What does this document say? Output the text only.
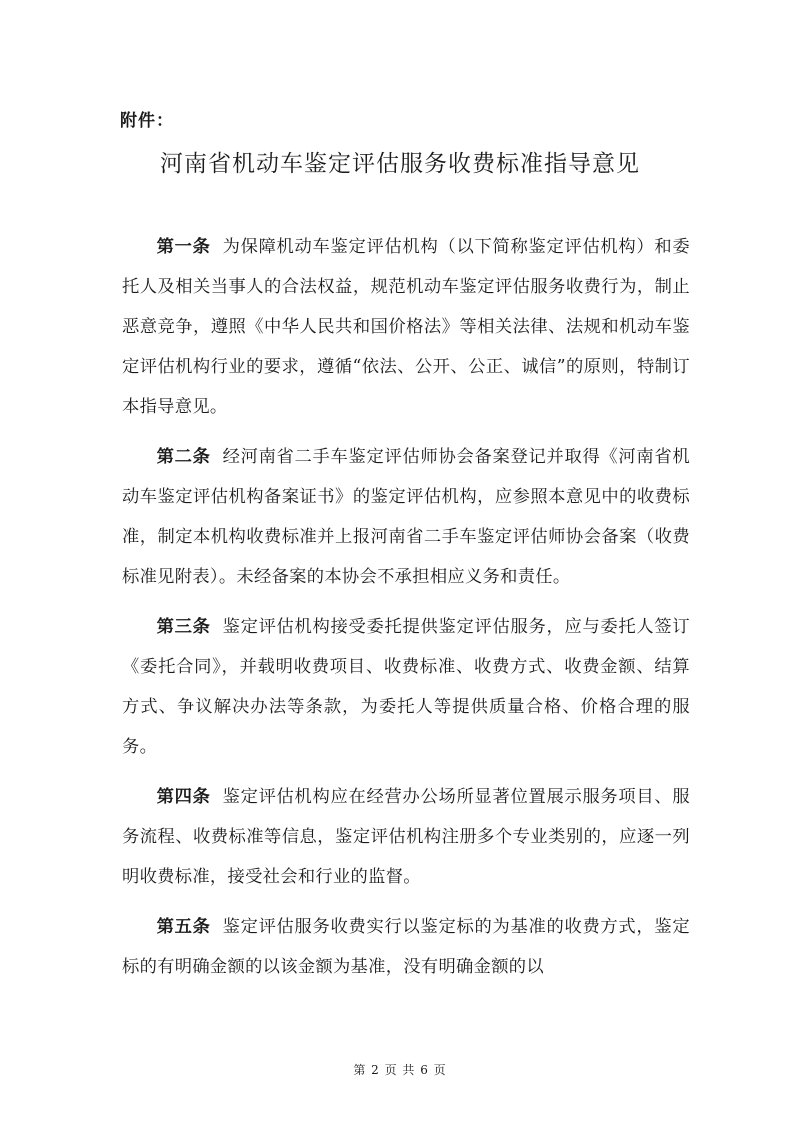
附件：
河南省机动车鉴定评估服务收费标准指导意见

第一条 为保障机动车鉴定评估机构（以下简称鉴定评估机构）和委托人及相关当事人的合法权益，规范机动车鉴定评估服务收费行为，制止恶意竞争，遵照《中华人民共和国价格法》等相关法律、法规和机动车鉴定评估机构行业的要求，遵循“依法、公开、公正、诚信”的原则，特制订本指导意见。

第二条 经河南省二手车鉴定评估师协会备案登记并取得《河南省机动车鉴定评估机构备案证书》的鉴定评估机构，应参照本意见中的收费标准，制定本机构收费标准并上报河南省二手车鉴定评估师协会备案（收费标准见附表）。未经备案的本协会不承担相应义务和责任。

第三条 鉴定评估机构接受委托提供鉴定评估服务，应与委托人签订《委托合同》，并载明收费项目、收费标准、收费方式、收费金额、结算方式、争议解决办法等条款，为委托人等提供质量合格、价格合理的服务。

第四条 鉴定评估机构应在经营办公场所显著位置展示服务项目、服务流程、收费标准等信息，鉴定评估机构注册多个专业类别的，应逐一列明收费标准，接受社会和行业的监督。

第五条 鉴定评估服务收费实行以鉴定标的为基准的收费方式，鉴定标的有明确金额的以该金额为基准，没有明确金额的以

第 2 页 共 6 页
